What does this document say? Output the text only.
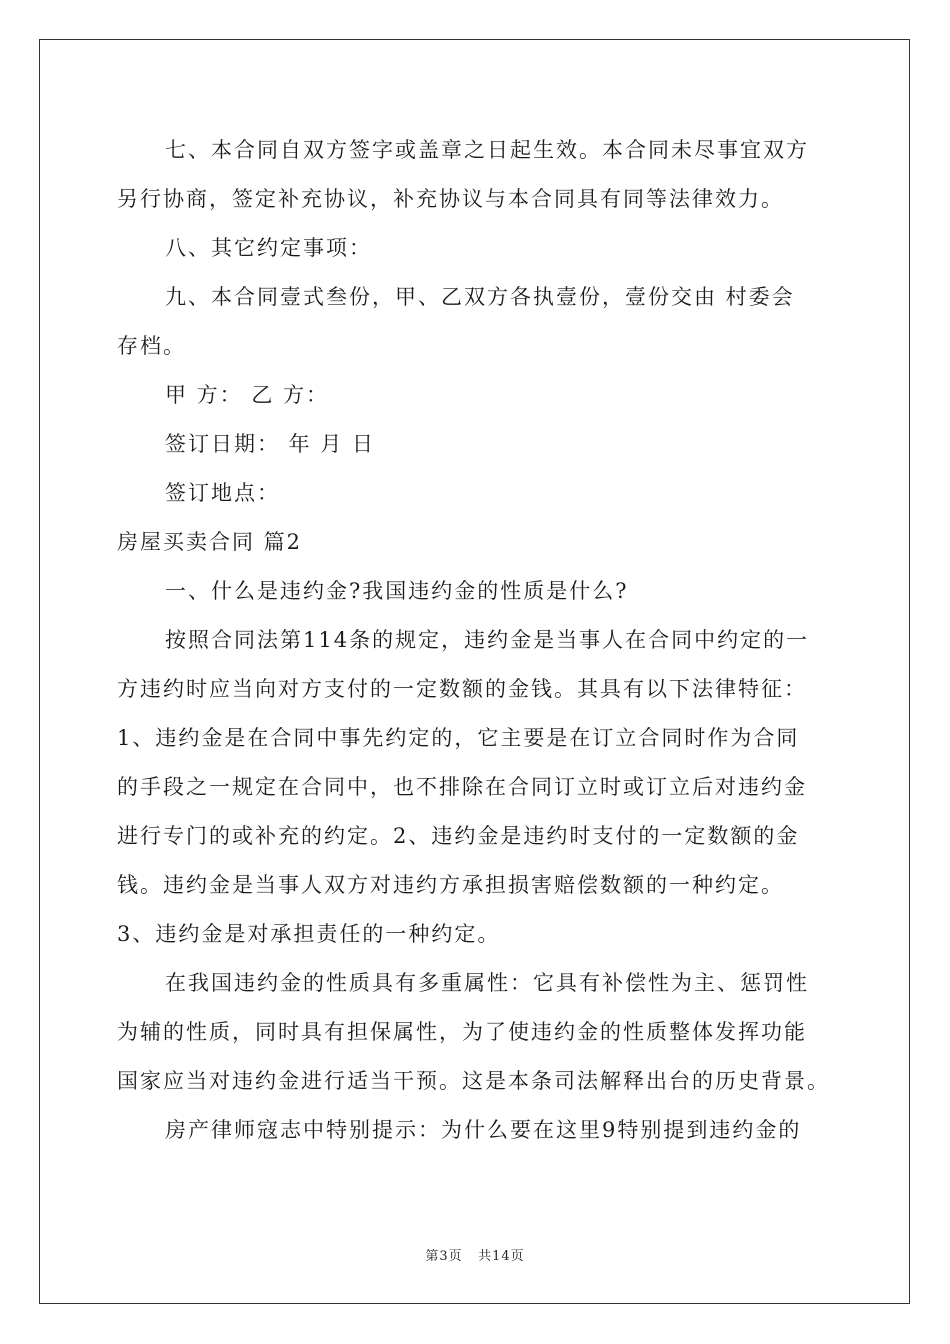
七、本合同自双方签字或盖章之日起生效。本合同未尽事宜双方
另行协商，签定补充协议，补充协议与本合同具有同等法律效力。

八、其它约定事项：

九、本合同壹式叁份，甲、乙双方各执壹份，壹份交由 村委会
存档。

甲 方： 乙 方：

签订日期： 年 月 日

签订地点：

房屋买卖合同 篇2

一、什么是违约金?我国违约金的性质是什么?

按照合同法第114条的规定，违约金是当事人在合同中约定的一
方违约时应当向对方支付的一定数额的金钱。其具有以下法律特征：
1、违约金是在合同中事先约定的，它主要是在订立合同时作为合同
的手段之一规定在合同中，也不排除在合同订立时或订立后对违约金
进行专门的或补充的约定。2、违约金是违约时支付的一定数额的金
钱。违约金是当事人双方对违约方承担损害赔偿数额的一种约定。
3、违约金是对承担责任的一种约定。

在我国违约金的性质具有多重属性：它具有补偿性为主、惩罚性
为辅的性质，同时具有担保属性，为了使违约金的性质整体发挥功能
国家应当对违约金进行适当干预。这是本条司法解释出台的历史背景。

房产律师寇志中特别提示：为什么要在这里9特别提到违约金的

第3页 共14页
